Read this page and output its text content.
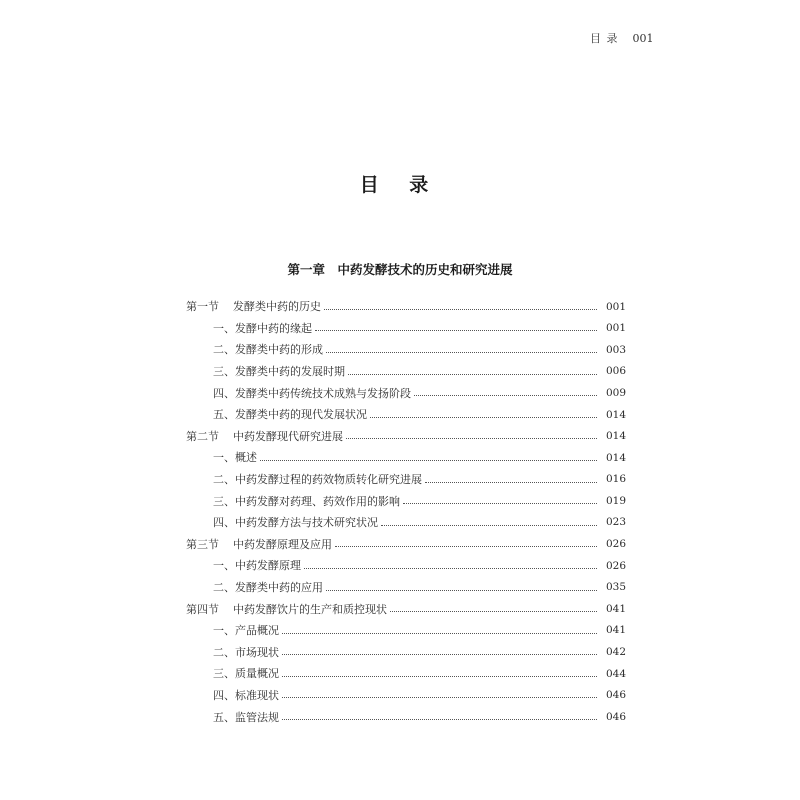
目 录 001
目 录
第一章　中药发酵技术的历史和研究进展
第一节 发酵类中药的历史	001
一、发酵中药的缘起	001
二、发酵类中药的形成	003
三、发酵类中药的发展时期	006
四、发酵类中药传统技术成熟与发扬阶段	009
五、发酵类中药的现代发展状况	014
第二节 中药发酵现代研究进展	014
一、概述	014
二、中药发酵过程的药效物质转化研究进展	016
三、中药发酵对药理、药效作用的影响	019
四、中药发酵方法与技术研究状况	023
第三节 中药发酵原理及应用	026
一、中药发酵原理	026
二、发酵类中药的应用	035
第四节 中药发酵饮片的生产和质控现状	041
一、产品概况	041
二、市场现状	042
三、质量概况	044
四、标准现状	046
五、监管法规	046
